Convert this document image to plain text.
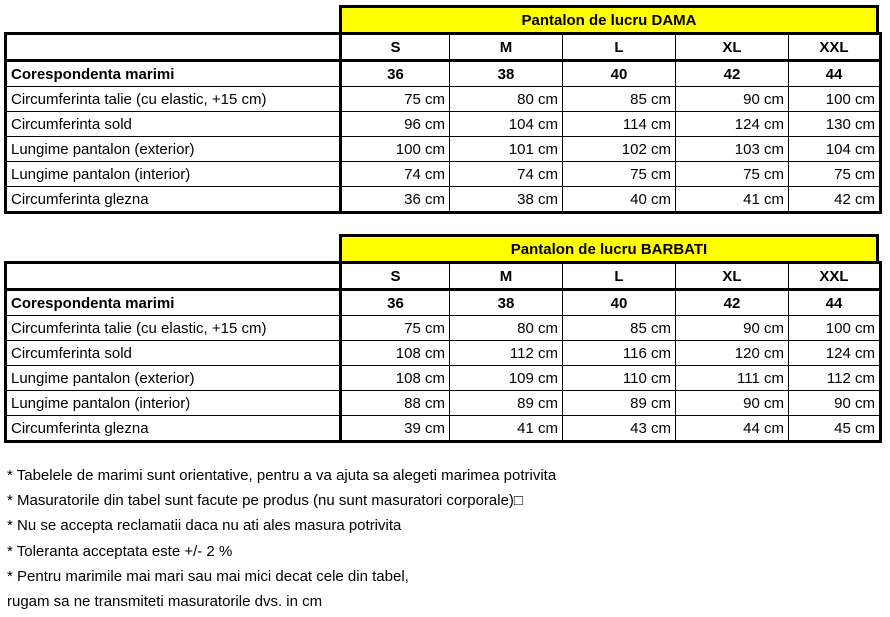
Pantalon de lucru DAMA
	S	M	L	XL	XXL
Corespondenta marimi	36	38	40	42	44
Circumferinta talie (cu elastic, +15 cm)	75 cm	80 cm	85 cm	90 cm	100 cm
Circumferinta sold	96 cm	104 cm	114 cm	124 cm	130 cm
Lungime pantalon (exterior)	100 cm	101 cm	102 cm	103 cm	104 cm
Lungime pantalon (interior)	74 cm	74 cm	75 cm	75 cm	75 cm
Circumferinta glezna	36 cm	38 cm	40 cm	41 cm	42 cm
Pantalon de lucru BARBATI
	S	M	L	XL	XXL
Corespondenta marimi	36	38	40	42	44
Circumferinta talie (cu elastic, +15 cm)	75 cm	80 cm	85 cm	90 cm	100 cm
Circumferinta sold	108 cm	112 cm	116 cm	120 cm	124 cm
Lungime pantalon (exterior)	108 cm	109 cm	110 cm	111 cm	112 cm
Lungime pantalon (interior)	88 cm	89 cm	89 cm	90 cm	90 cm
Circumferinta glezna	39 cm	41 cm	43 cm	44 cm	45 cm
* Tabelele de marimi sunt orientative, pentru a va ajuta sa alegeti marimea potrivita
* Masuratorile din tabel sunt facute pe produs (nu sunt masuratori corporale)□
* Nu se accepta reclamatii daca nu ati ales masura potrivita
* Toleranta acceptata este +/- 2 %
* Pentru marimile mai mari sau mai mici decat cele din tabel,
rugam sa ne transmiteti masuratorile dvs. in cm
